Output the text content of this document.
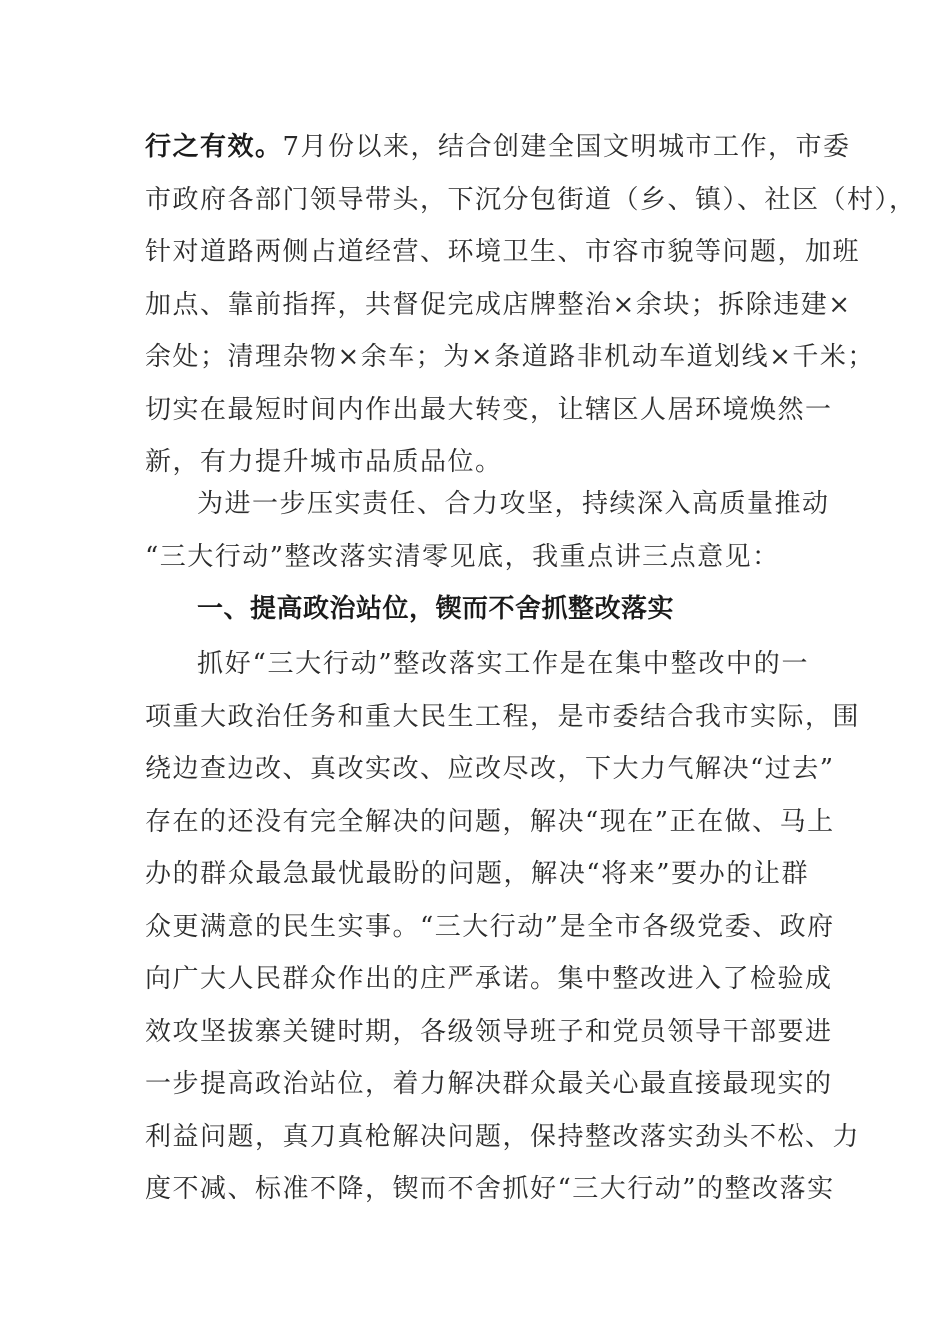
行之有效。7月份以来，结合创建全国文明城市工作，市委
市政府各部门领导带头，下沉分包街道（乡、镇）、社区（村），
针对道路两侧占道经营、环境卫生、市容市貌等问题，加班
加点、靠前指挥，共督促完成店牌整治×余块；拆除违建×
余处；清理杂物×余车；为×条道路非机动车道划线×千米；
切实在最短时间内作出最大转变，让辖区人居环境焕然一
新，有力提升城市品质品位。
为进一步压实责任、合力攻坚，持续深入高质量推动
“三大行动”整改落实清零见底，我重点讲三点意见：
一、提高政治站位，锲而不舍抓整改落实
抓好“三大行动”整改落实工作是在集中整改中的一
项重大政治任务和重大民生工程，是市委结合我市实际，围
绕边查边改、真改实改、应改尽改，下大力气解决“过去”
存在的还没有完全解决的问题，解决“现在”正在做、马上
办的群众最急最忧最盼的问题，解决“将来”要办的让群
众更满意的民生实事。“三大行动”是全市各级党委、政府
向广大人民群众作出的庄严承诺。集中整改进入了检验成
效攻坚拔寨关键时期，各级领导班子和党员领导干部要进
一步提高政治站位，着力解决群众最关心最直接最现实的
利益问题，真刀真枪解决问题，保持整改落实劲头不松、力
度不减、标准不降，锲而不舍抓好“三大行动”的整改落实
